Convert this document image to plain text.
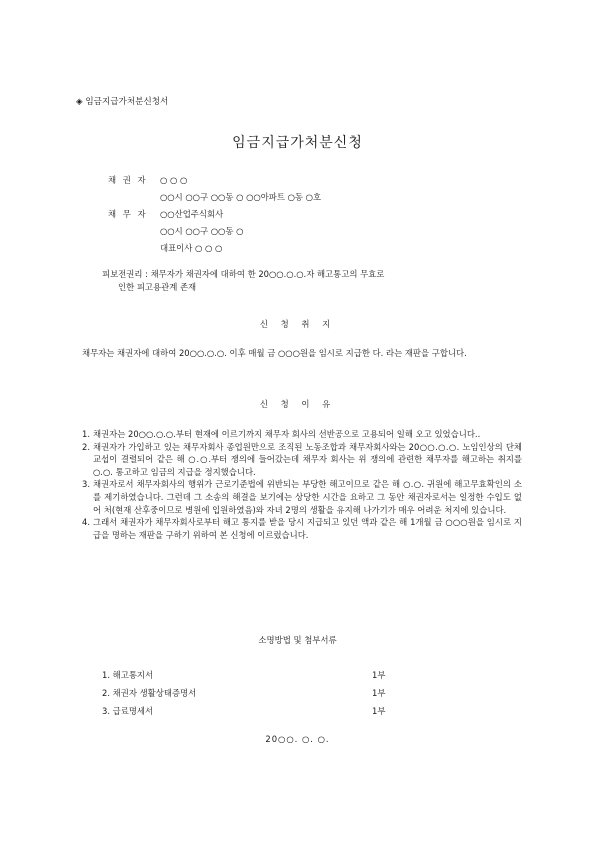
◈ 임금지급가처분신청서
임금지급가처분신청
채 권 자	○ ○ ○
○○시 ○○구 ○○동 ○ ○○아파트 ○동 ○호
채 무 자	○○산업주식회사
○○시 ○○구 ○○동 ○
대표이사 ○ ○ ○
피보전권리 : 채무자가 채권자에 대하여 한 20○○.○.○.자 해고통고의 무효로
인한 피고용관계 존재
신 청 취 지
채무자는 채권자에 대하여 20○○.○.○. 이후 매월 금 ○○○원을 임시로 지급한 다. 라는 재판을 구합니다.
신 청 이 유
1. 채권자는 20○○.○.○.부터 현재에 이르기까지 채무자 회사의 선반공으로 고용되어 일해 오고 있었습니다..
2. 채권자가 가입하고 있는 채무자회사 종업원만으로 조직된 노동조합과 채무자회사와는 20○○.○.○. 노임인상의 단체교섭이 결렬되어 같은 해 ○.○.부터 쟁의에 들어갔는데 채무자 회사는 위 쟁의에 관련한 채무자를 해고하는 취지를 ○.○. 통고하고 임금의 지급을 정지했습니다.
3. 채권자로서 채무자회사의 행위가 근로기준법에 위반되는 부당한 해고이므로 같은 해 ○.○. 귀원에 해고무효확인의 소를 제기하였습니다. 그런데 그 소송의 해결을 보기에는 상당한 시간을 요하고 그 동안 채권자로서는 일정한 수입도 없어 처(현재 산후중이므로 병원에 입원하였음)와 자녀 2명의 생활을 유지해 나가기가 매우 어려운 처지에 있습니다.
4. 그래서 채권자가 채무자회사로부터 해고 통지를 받을 당시 지급되고 있던 액과 같은 해 1개월 금 ○○○원을 임시로 지급을 명하는 재판을 구하기 위하여 본 신청에 이르렀습니다.
소명방법 및 첨부서류
1. 해고통지서	1부
2. 채권자 생활상태증명서	1부
3. 급료명세서	1부
20○○. ○. ○.
